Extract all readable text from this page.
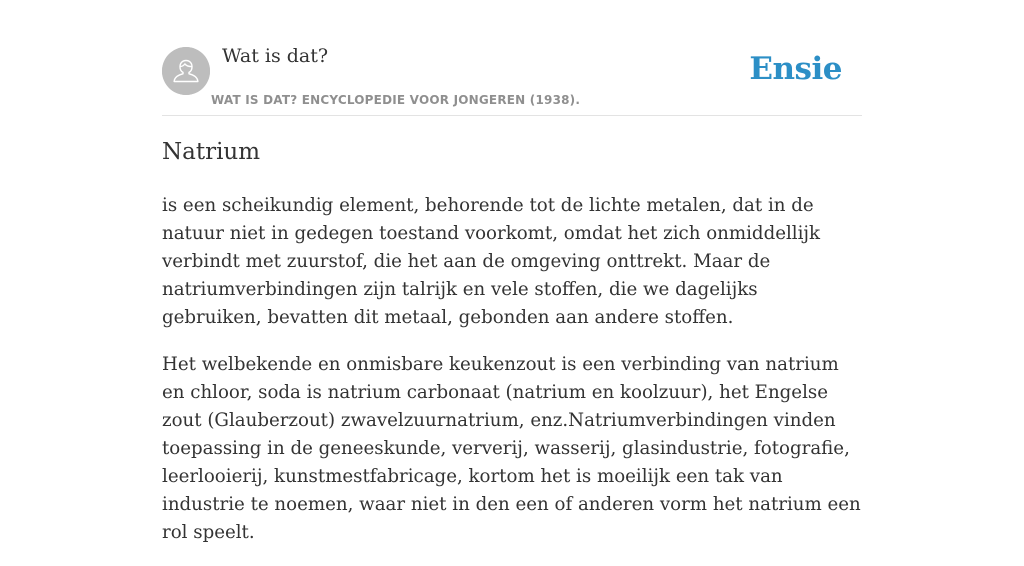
Wat is dat?
WAT IS DAT? ENCYCLOPEDIE VOOR JONGEREN (1938).
Ensie
Natrium

is een scheikundig element, behorende tot de lichte metalen, dat in de natuur niet in gedegen toestand voorkomt, omdat het zich onmiddellijk verbindt met zuurstof, die het aan de omgeving onttrekt. Maar de natriumverbindingen zijn talrijk en vele stoffen, die we dagelijks gebruiken, bevatten dit metaal, gebonden aan andere stoffen.

Het welbekende en onmisbare keukenzout is een verbinding van natrium en chloor, soda is natrium carbonaat (natrium en koolzuur), het Engelse zout (Glauberzout) zwavelzuurnatrium, enz.Natriumverbindingen vinden toepassing in de geneeskunde, ververij, wasserij, glasindustrie, fotografie, leerlooierij, kunstmestfabricage, kortom het is moeilijk een tak van industrie te noemen, waar niet in den een of anderen vorm het natrium een rol speelt.
